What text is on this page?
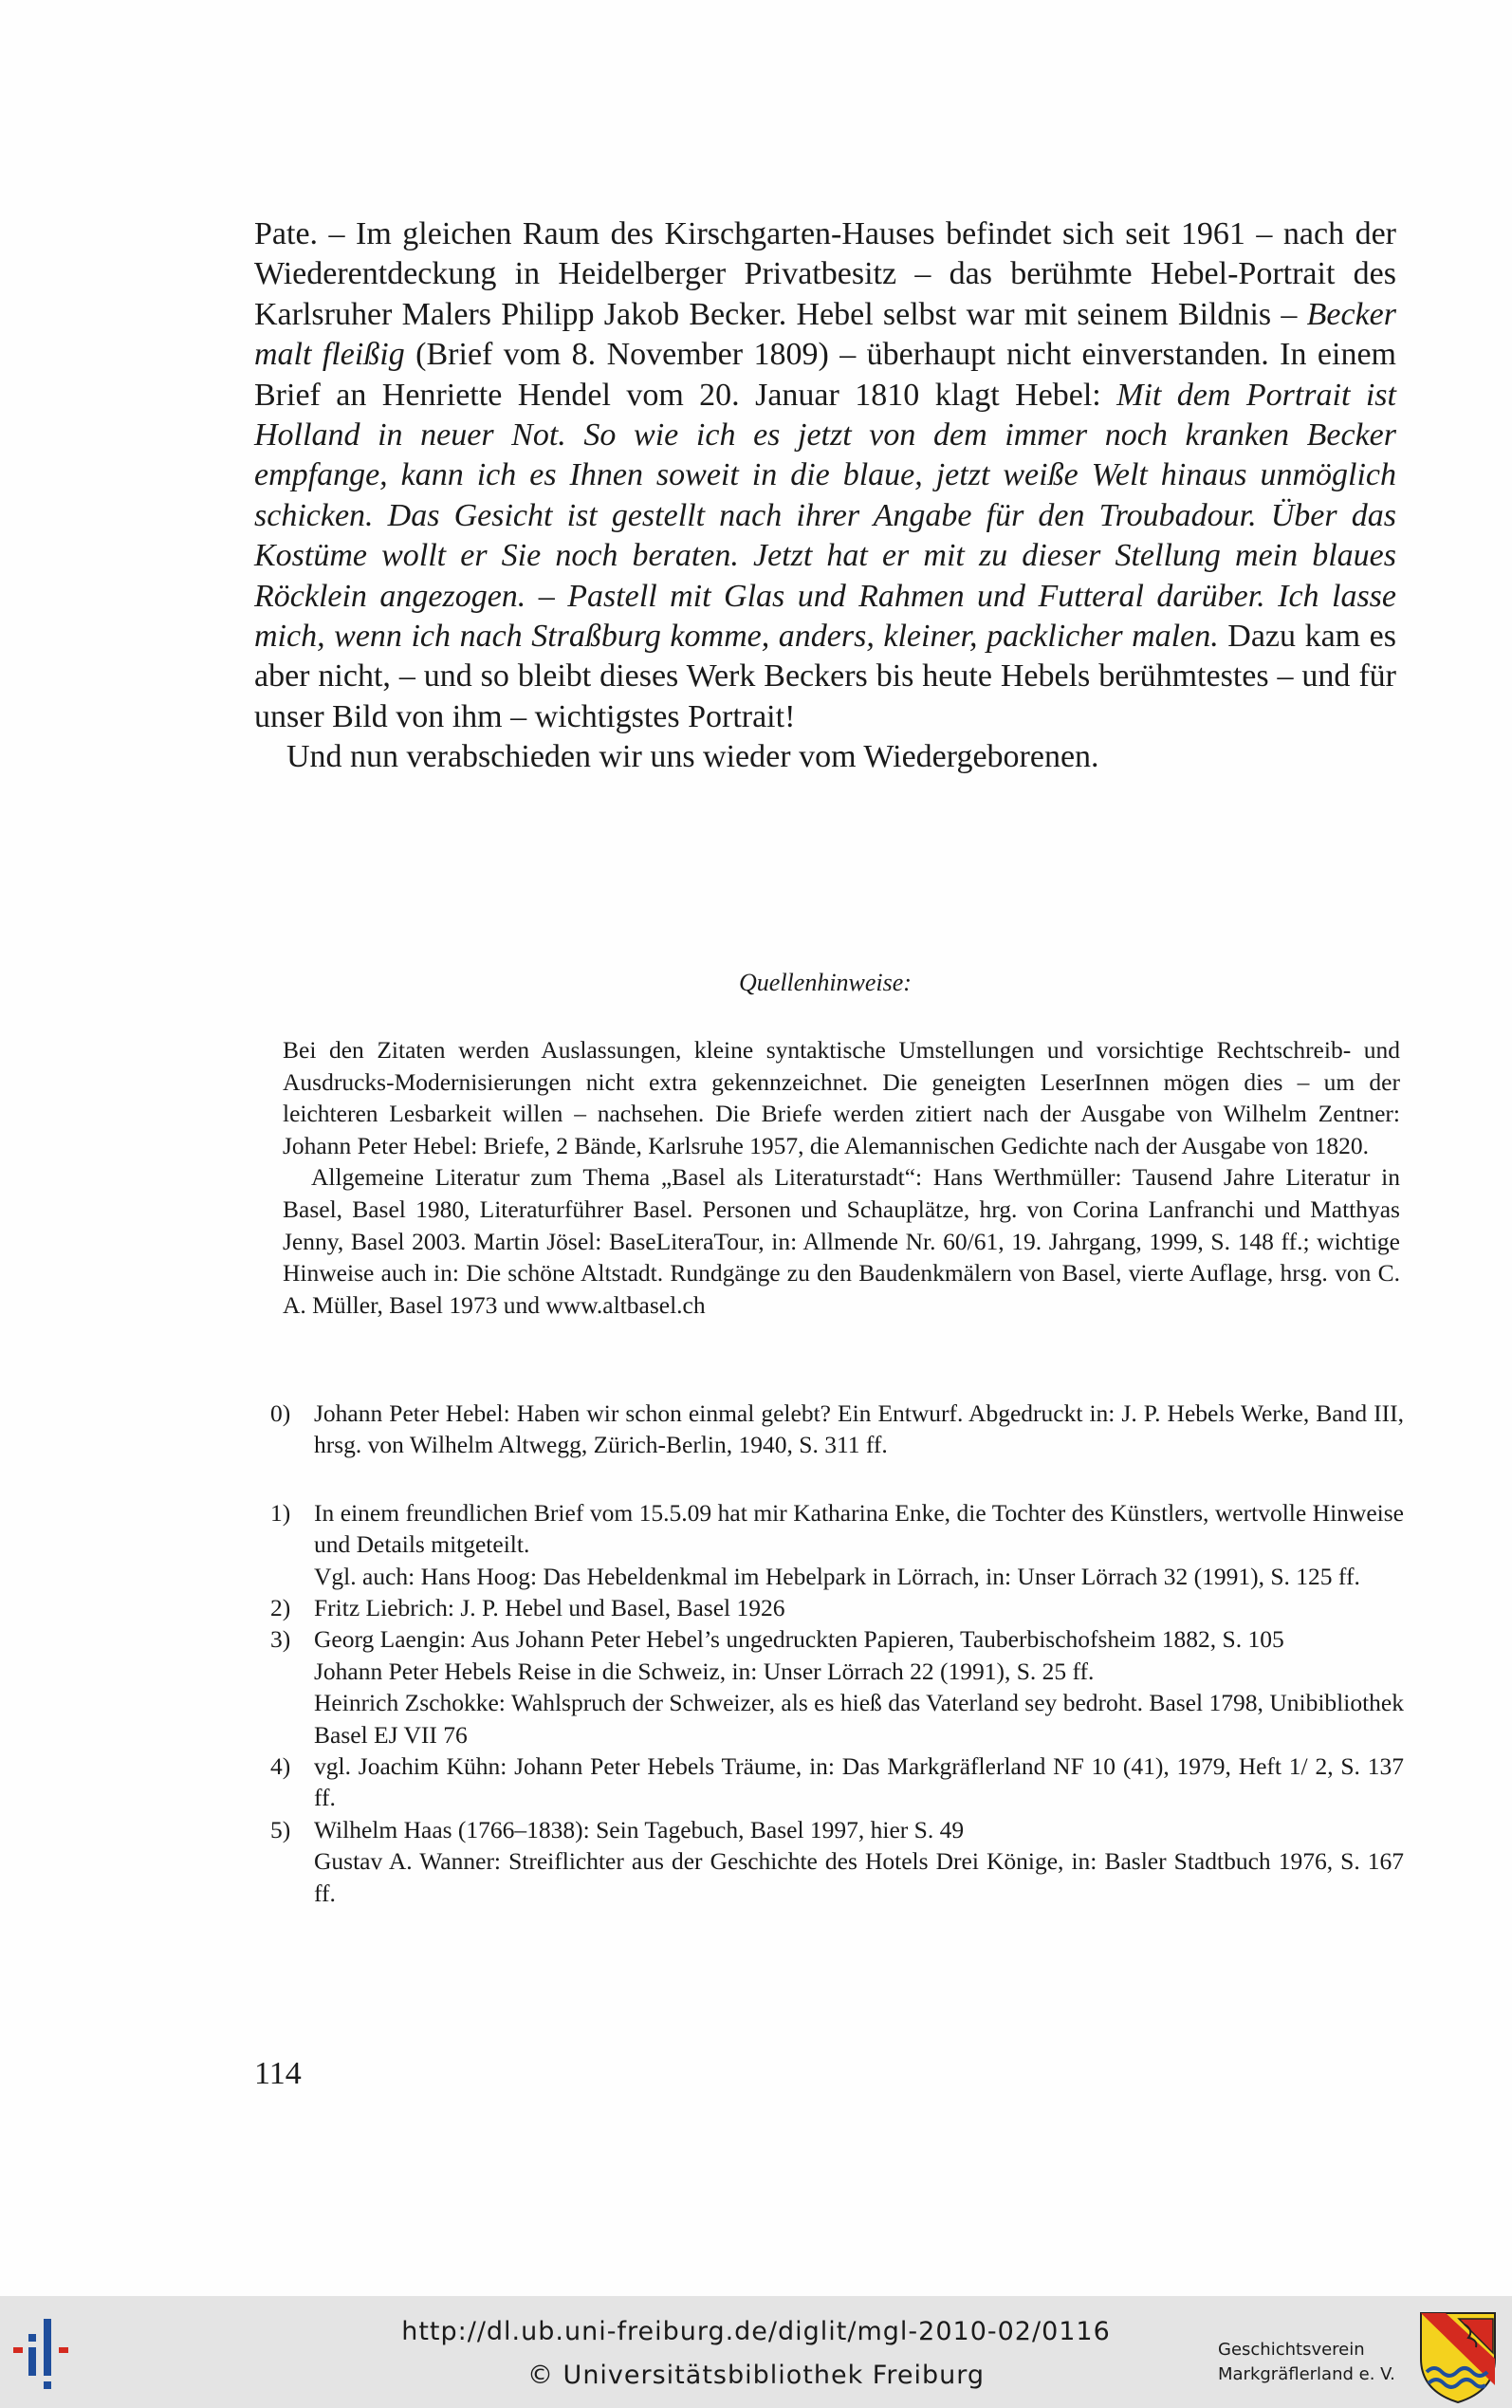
Pate. – Im gleichen Raum des Kirschgarten-Hauses befindet sich seit 1961 – nach der Wiederentdeckung in Heidelberger Privatbesitz – das berühmte Hebel-Portrait des Karlsruher Malers Philipp Jakob Becker. Hebel selbst war mit seinem Bildnis – Becker malt fleißig (Brief vom 8. November 1809) – überhaupt nicht einverstanden. In einem Brief an Henriette Hendel vom 20. Januar 1810 klagt Hebel: Mit dem Portrait ist Holland in neuer Not. So wie ich es jetzt von dem immer noch kranken Becker empfange, kann ich es Ihnen soweit in die blaue, jetzt weiße Welt hinaus unmöglich schicken. Das Gesicht ist gestellt nach ihrer Angabe für den Troubadour. Über das Kostüme wollt er Sie noch beraten. Jetzt hat er mit zu dieser Stellung mein blaues Röcklein angezogen. – Pastell mit Glas und Rahmen und Futteral darüber. Ich lasse mich, wenn ich nach Straßburg komme, anders, kleiner, packlicher malen. Dazu kam es aber nicht, – und so bleibt dieses Werk Beckers bis heute Hebels berühmtestes – und für unser Bild von ihm – wichtigstes Portrait!

Und nun verabschieden wir uns wieder vom Wiedergeborenen.

Quellenhinweise:

Bei den Zitaten werden Auslassungen, kleine syntaktische Umstellungen und vorsichtige Rechtschreib- und Ausdrucks-Modernisierungen nicht extra gekennzeichnet. Die geneigten LeserInnen mögen dies – um der leichteren Lesbarkeit willen – nachsehen. Die Briefe werden zitiert nach der Ausgabe von Wilhelm Zentner: Johann Peter Hebel: Briefe, 2 Bände, Karlsruhe 1957, die Alemannischen Gedichte nach der Ausgabe von 1820.

Allgemeine Literatur zum Thema „Basel als Literaturstadt“: Hans Werthmüller: Tausend Jahre Literatur in Basel, Basel 1980, Literaturführer Basel. Personen und Schauplätze, hrg. von Corina Lanfranchi und Matthyas Jenny, Basel 2003. Martin Jösel: BaseLiteraTour, in: Allmende Nr. 60/61, 19. Jahrgang, 1999, S. 148 ff.; wichtige Hinweise auch in: Die schöne Altstadt. Rundgänge zu den Baudenkmälern von Basel, vierte Auflage, hrsg. von C. A. Müller, Basel 1973 und www.altbasel.ch

0) Johann Peter Hebel: Haben wir schon einmal gelebt? Ein Entwurf. Abgedruckt in: J. P. Hebels Werke, Band III, hrsg. von Wilhelm Altwegg, Zürich-Berlin, 1940, S. 311 ff.
1) In einem freundlichen Brief vom 15.5.09 hat mir Katharina Enke, die Tochter des Künstlers, wertvolle Hinweise und Details mitgeteilt.
Vgl. auch: Hans Hoog: Das Hebeldenkmal im Hebelpark in Lörrach, in: Unser Lörrach 32 (1991), S. 125 ff.
2) Fritz Liebrich: J. P. Hebel und Basel, Basel 1926
3) Georg Laengin: Aus Johann Peter Hebel’s ungedruckten Papieren, Tauberbischofsheim 1882, S. 105
Johann Peter Hebels Reise in die Schweiz, in: Unser Lörrach 22 (1991), S. 25 ff.
Heinrich Zschokke: Wahlspruch der Schweizer, als es hieß das Vaterland sey bedroht. Basel 1798, Unibibliothek Basel EJ VII 76
4) vgl. Joachim Kühn: Johann Peter Hebels Träume, in: Das Markgräflerland NF 10 (41), 1979, Heft 1/ 2, S. 137 ff.
5) Wilhelm Haas (1766–1838): Sein Tagebuch, Basel 1997, hier S. 49
Gustav A. Wanner: Streiflichter aus der Geschichte des Hotels Drei Könige, in: Basler Stadtbuch 1976, S. 167 ff.
114
http://dl.ub.uni-freiburg.de/diglit/mgl-2010-02/0116
© Universitätsbibliothek Freiburg
Geschichtsverein
Markgräflerland e. V.
